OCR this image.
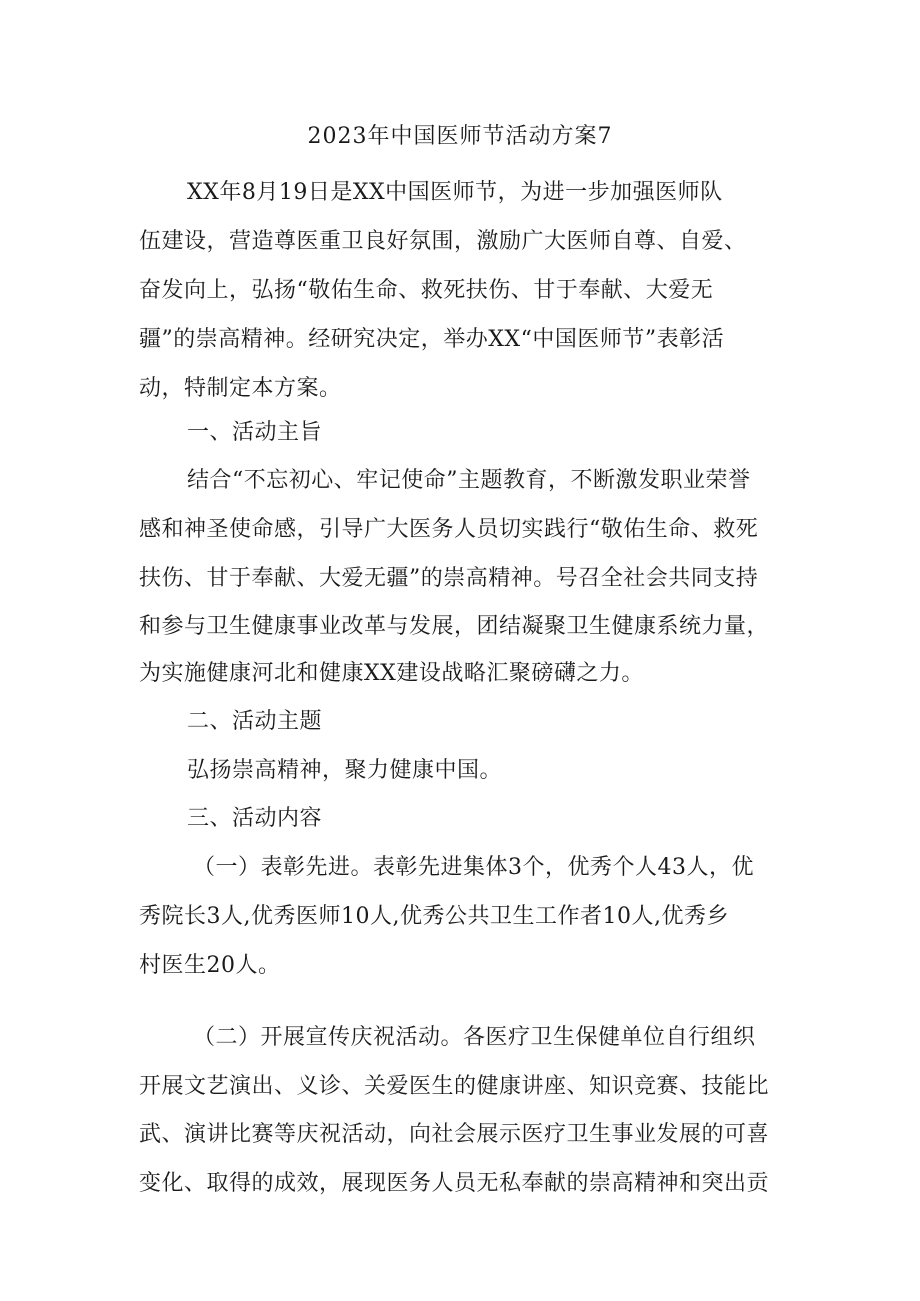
2023年中国医师节活动方案7
XX年8月19日是XX中国医师节，为进一步加强医师队
伍建设，营造尊医重卫良好氛围，激励广大医师自尊、自爱、
奋发向上，弘扬“敬佑生命、救死扶伤、甘于奉献、大爱无
疆”的崇高精神。经研究决定，举办XX“中国医师节”表彰活
动，特制定本方案。
一、活动主旨
结合“不忘初心、牢记使命”主题教育，不断激发职业荣誉
感和神圣使命感，引导广大医务人员切实践行“敬佑生命、救死
扶伤、甘于奉献、大爱无疆”的崇高精神。号召全社会共同支持
和参与卫生健康事业改革与发展，团结凝聚卫生健康系统力量，
为实施健康河北和健康XX建设战略汇聚磅礴之力。
二、活动主题
弘扬崇高精神，聚力健康中国。
三、活动内容
（一）表彰先进。表彰先进集体3个，优秀个人43人，优
秀院长3人,优秀医师10人,优秀公共卫生工作者10人,优秀乡
村医生20人。
（二）开展宣传庆祝活动。各医疗卫生保健单位自行组织
开展文艺演出、义诊、关爱医生的健康讲座、知识竞赛、技能比
武、演讲比赛等庆祝活动，向社会展示医疗卫生事业发展的可喜
变化、取得的成效，展现医务人员无私奉献的崇高精神和突出贡
